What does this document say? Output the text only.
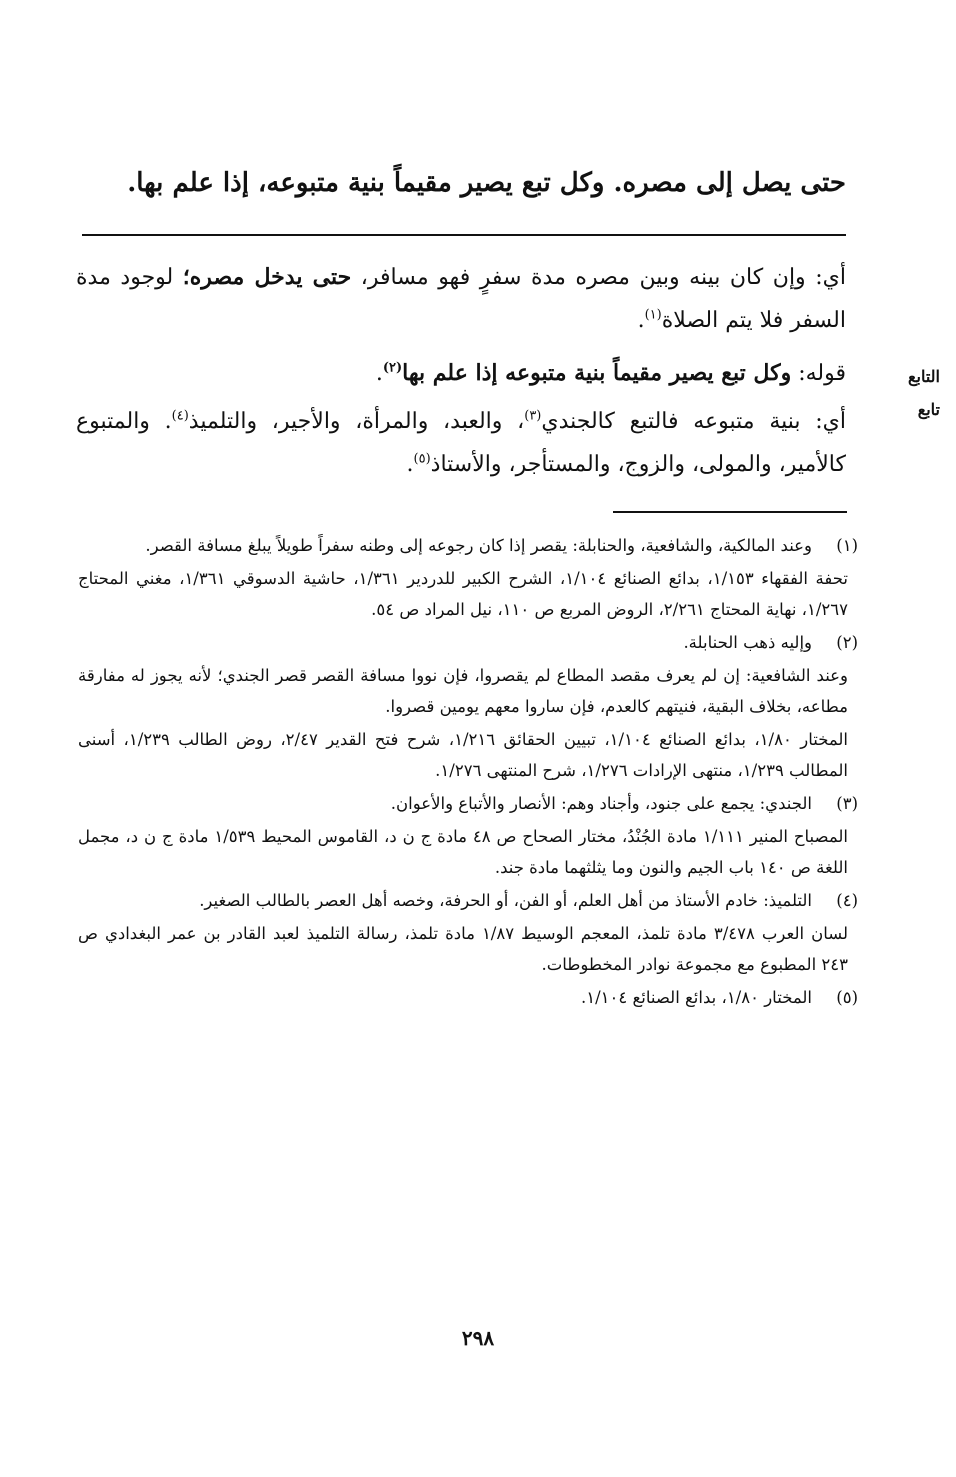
حتى يصل إلى مصره. وكل تبع يصير مقيماً بنية متبوعه، إذا علم بها.
أي: وإن كان بينه وبين مصره مدة سفرٍ فهو مسافر، حتى يدخل مصره؛ لوجود مدة السفر فلا يتم الصلاة$^{(١)}$.
قوله: وكل تبع يصير مقيماً بنية متبوعه إذا علم بها$^{(٢)}$.
أي: بنية متبوعه فالتبع كالجندي$^{(٣)}$، والعبد، والمرأة، والأجير، والتلميذ$^{(٤)}$. والمتبوع كالأمير، والمولى، والزوج، والمستأجر، والأستاذ$^{(٥)}$.
التابع
تابع
(١)
وعند المالكية، والشافعية، والحنابلة: يقصر إذا كان رجوعه إلى وطنه سفراً طويلاً يبلغ مسافة القصر.
تحفة الفقهاء ١/١٥٣، بدائع الصنائع ١/١٠٤، الشرح الكبير للدردير ١/٣٦١، حاشية الدسوقي ١/٣٦١، مغني المحتاج ١/٢٦٧، نهاية المحتاج ٢/٢٦١، الروض المربع ص ١١٠، نيل المراد ص ٥٤.
(٢)
وإليه ذهب الحنابلة.
وعند الشافعية: إن لم يعرف مقصد المطاع لم يقصروا، فإن نووا مسافة القصر قصر الجندي؛ لأنه يجوز له مفارقة مطاعه، بخلاف البقية، فنيتهم كالعدم، فإن ساروا معهم يومين قصروا.
المختار ١/٨٠، بدائع الصنائع ١/١٠٤، تبيين الحقائق ١/٢١٦، شرح فتح القدير ٢/٤٧، روض الطالب ١/٢٣٩، أسنى المطالب ١/٢٣٩، منتهى الإرادات ١/٢٧٦، شرح المنتهى ١/٢٧٦.
(٣)
الجندي: يجمع على جنود، وأجناد وهم: الأنصار والأتباع والأعوان.
المصباح المنير ١/١١١ مادة الجُنْدُ، مختار الصحاح ص ٤٨ مادة ج ن د، القاموس المحيط ١/٥٣٩ مادة ج ن د، مجمل اللغة ص ١٤٠ باب الجيم والنون وما يثلثهما مادة جند.
(٤)
التلميذ: خادم الأستاذ من أهل العلم، أو الفن، أو الحرفة، وخصه أهل العصر بالطالب الصغير.
لسان العرب ٣/٤٧٨ مادة تلمذ، المعجم الوسيط ١/٨٧ مادة تلمذ، رسالة التلميذ لعبد القادر بن عمر البغدادي ص ٢٤٣ المطبوع مع مجموعة نوادر المخطوطات.
(٥)
المختار ١/٨٠، بدائع الصنائع ١/١٠٤.
٢٩٨
